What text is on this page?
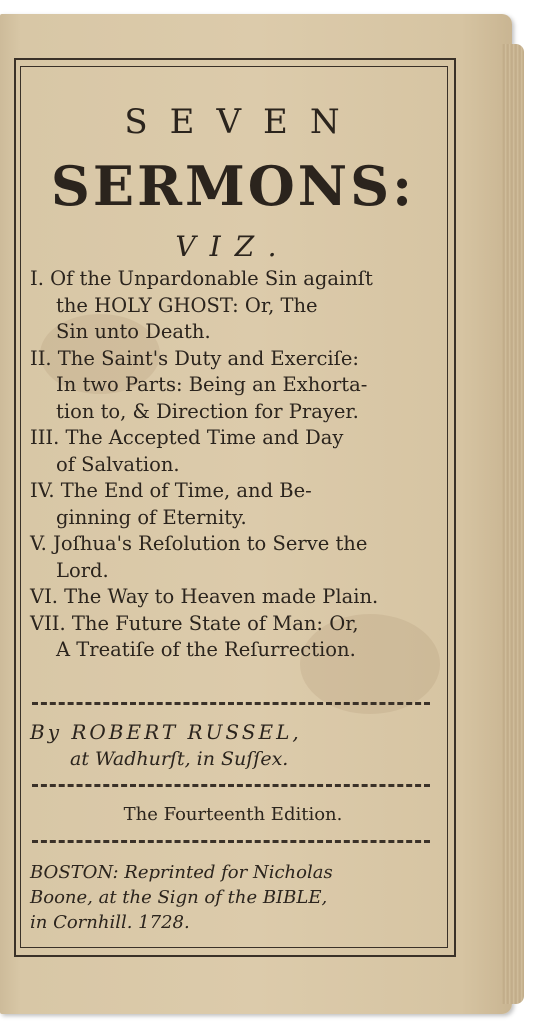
SEVEN
SERMONS:
VIZ.
I. Of the Unpardonable Sin againſt
the HOLY GHOST: Or, The
Sin unto Death.
II. The Saint's Duty and Exerciſe:
In two Parts: Being an Exhorta-
tion to, & Direction for Prayer.
III. The Accepted Time and Day
of Salvation.
IV. The End of Time, and Be-
ginning of Eternity.
V. Joſhua's Reſolution to Serve the
Lord.
VI. The Way to Heaven made Plain.
VII. The Future State of Man: Or,
A Treatiſe of the Reſurrection.
By ROBERT RUSSEL,
at Wadhurſt, in Suſſex.
The Fourteenth Edition.
BOSTON: Reprinted for Nicholas
Boone, at the Sign of the BIBLE,
in Cornhill. 1728.
